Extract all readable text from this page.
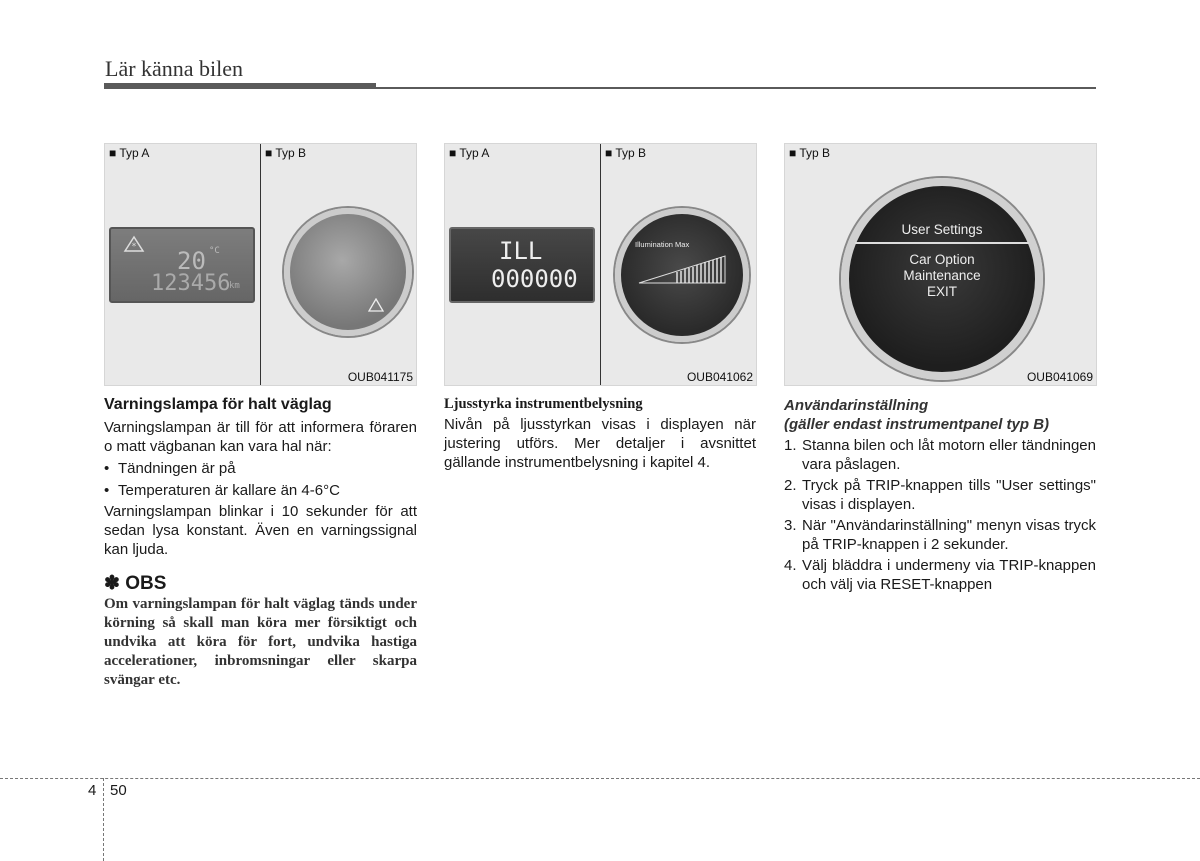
Lär känna bilen
■ Typ A	■ Typ B
* 20 °C
123456
km
OUB041175
■ Typ A	■ Typ B
ILL
000000
Illumination Max
OUB041062
■ Typ B
User Settings
Car Option
Maintenance
EXIT
OUB041069
Varningslampa för halt väglag

Varningslampan är till för att informera föraren o matt vägbanan kan vara hal när:

• Tändningen är på
• Temperaturen är kallare än 4-6°C

Varningslampan blinkar i 10 sekunder för att sedan lysa konstant. Även en varningssignal kan ljuda.

✽ OBS

Om varningslampan för halt väglag tänds under körning så skall man köra mer försiktigt och undvika att köra för fort, undvika hastiga accelerationer, inbromsningar eller skarpa svängar etc.

Ljusstyrka instrumentbelysning

Nivån på ljusstyrkan visas i displayen när justering utförs. Mer detaljer i avsnittet gällande instrumentbelysning i kapitel 4.

Användarinställning
(gäller endast instrumentpanel typ B)
1. Stanna bilen och låt motorn eller tändningen vara påslagen.
2. Tryck på TRIP-knappen tills "User settings" visas i displayen.
3. När "Användarinställning" menyn visas tryck på TRIP-knappen i 2 sekunder.
4. Välj bläddra i undermeny via TRIP-knappen och välj via RESET-knappen
4 50
